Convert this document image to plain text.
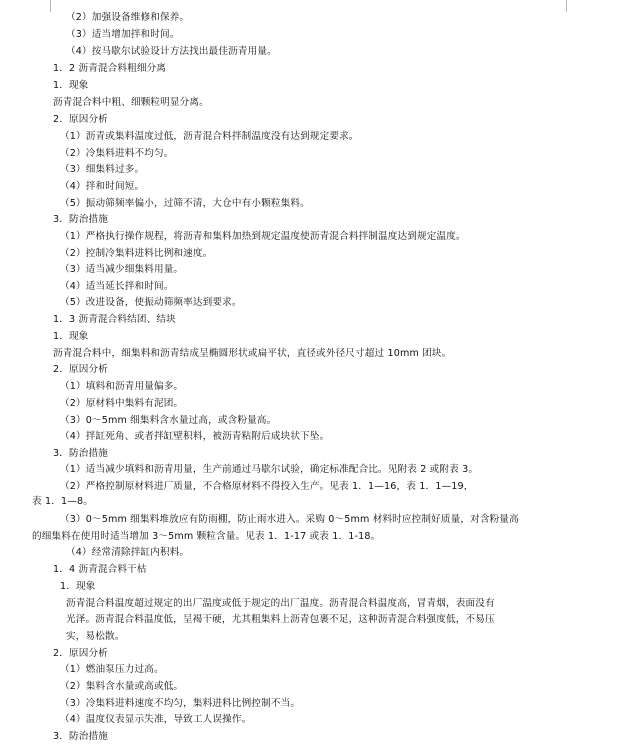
（2）加强设备维修和保养。
（3）适当增加拌和时间。
（4）按马歇尔试验设计方法找出最佳沥青用量。
1．2 沥青混合料粗细分离
1．现象
沥青混合料中粗、细颗粒明显分离。
2．原因分析
（1）沥青或集料温度过低，沥青混合料拌制温度没有达到规定要求。
（2）冷集料进料不均匀。
（3）细集料过多。
（4）拌和时间短。
（5）振动筛频率偏小，过筛不清，大仓中有小颗粒集料。
3．防治措施
（1）严格执行操作规程，将沥青和集料加热到规定温度使沥青混合料拌制温度达到规定温度。
（2）控制冷集料进料比例和速度。
（3）适当减少细集料用量。
（4）适当延长拌和时间。
（5）改进设备，使振动筛频率达到要求。
1．3 沥青混合料结团、结块
1．现象
沥青混合料中，细集料和沥青结成呈椭圆形状或扁平状，直径或外径尺寸超过 10mm 团块。
2．原因分析
（1）填料和沥青用量偏多。
（2）原材料中集料有泥团。
（3）0～5mm 细集料含水量过高，或含粉量高。
（4）拌缸死角、或者拌缸壁积料，被沥青粘附后成块状下坠。
3．防治措施
（1）适当减少填料和沥青用量，生产前通过马歇尔试验，确定标准配合比。见附表 2 或附表 3。
（2）严格控制原材料进厂质量，不合格原材料不得投入生产。见表 1．1—16，表 1．1—19，
表 1．1—8。
（3）0～5mm 细集料堆放应有防雨棚，防止雨水进入。采购 0～5mm 材料时应控制好质量，对含粉量高
的细集料在使用时适当增加 3～5mm 颗粒含量。见表 1．1-17 或表 1．1-18。
（4）经常清除拌缸内积料。
1．4 沥青混合料干枯
1．现象
沥青混合料温度超过规定的出厂温度或低于规定的出厂温度。沥青混合料温度高，冒青烟，表面没有
光泽。沥青混合料温度低，呈褐干硬，尤其粗集料上沥青包裹不足，这种沥青混合料强度低，不易压
实，易松散。
2．原因分析
（1）燃油泵压力过高。
（2）集料含水量或高或低。
（3）冷集料进料速度不均匀，集料进料比例控制不当。
（4）温度仪表显示失准，导致工人误操作。
3．防治措施
